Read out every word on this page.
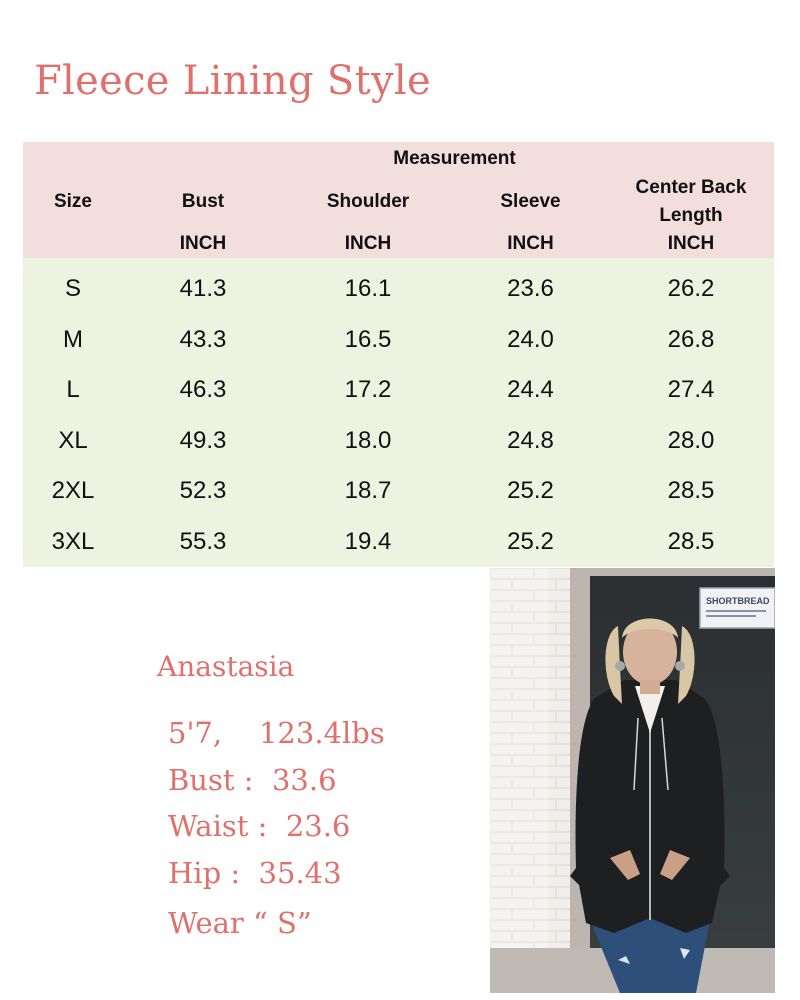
Fleece Lining Style
		Measurement		
Size	Bust	Shoulder	Sleeve	Center Back Length
	INCH	INCH	INCH	INCH
S	41.3	16.1	23.6	26.2
M	43.3	16.5	24.0	26.8
L	46.3	17.2	24.4	27.4
XL	49.3	18.0	24.8	28.0
2XL	52.3	18.7	25.2	28.5
3XL	55.3	19.4	25.2	28.5
Anastasia
5'7,    123.4lbs
Bust :  33.6
Waist :  23.6
Hip :  35.43
Wear “ S”
SHORTBREAD
